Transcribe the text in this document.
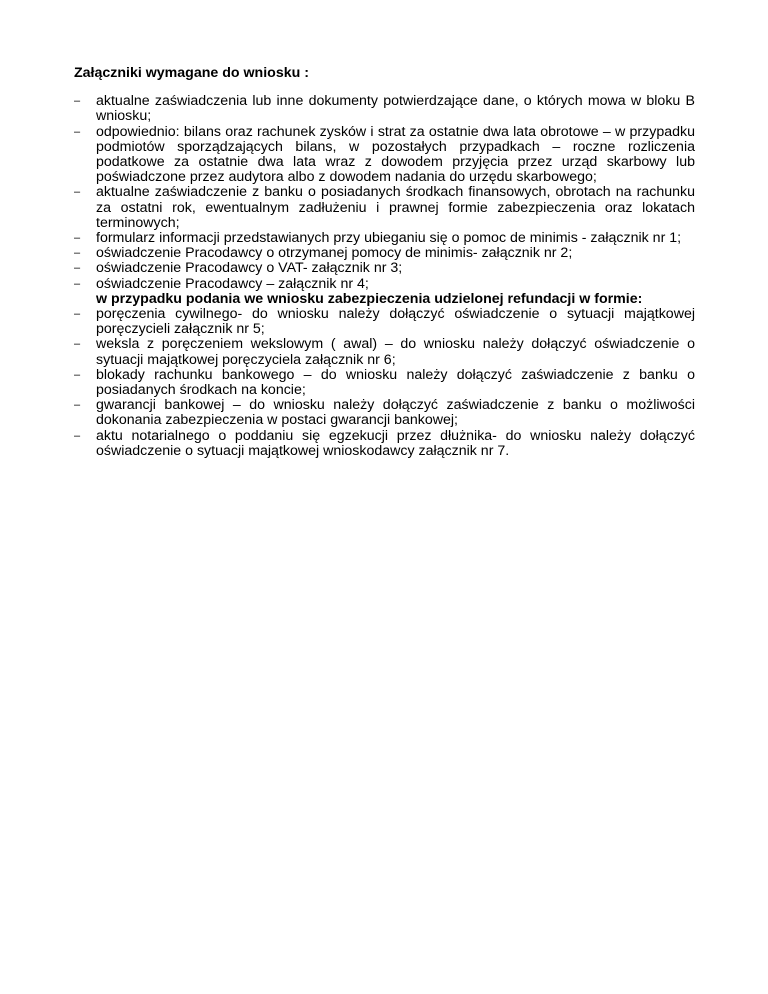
Załączniki wymagane do wniosku :

– aktualne zaświadczenia lub inne dokumenty potwierdzające dane, o których mowa w bloku B wniosku;
– odpowiednio: bilans oraz rachunek zysków i strat za ostatnie dwa lata obrotowe – w przypadku podmiotów sporządzających bilans, w pozostałych przypadkach – roczne rozliczenia podatkowe za ostatnie dwa lata wraz z dowodem przyjęcia przez urząd skarbowy lub poświadczone przez audytora albo z dowodem nadania do urzędu skarbowego;
– aktualne zaświadczenie z banku o posiadanych środkach finansowych, obrotach na rachunku za ostatni rok, ewentualnym zadłużeniu i prawnej formie zabezpieczenia oraz lokatach terminowych;
– formularz informacji przedstawianych przy ubieganiu się o pomoc de minimis - załącznik nr 1;
– oświadczenie Pracodawcy o otrzymanej pomocy de minimis- załącznik nr 2;
– oświadczenie Pracodawcy o VAT- załącznik nr 3;
– oświadczenie Pracodawcy – załącznik nr 4;

w przypadku podania we wniosku zabezpieczenia udzielonej refundacji w formie:

– poręczenia cywilnego- do wniosku należy dołączyć oświadczenie o sytuacji majątkowej poręczycieli załącznik nr 5;
– weksla z poręczeniem wekslowym ( awal) – do wniosku należy dołączyć oświadczenie o sytuacji majątkowej poręczyciela załącznik nr 6;
– blokady rachunku bankowego – do wniosku należy dołączyć zaświadczenie z banku o posiadanych środkach na koncie;
– gwarancji bankowej – do wniosku należy dołączyć zaświadczenie z banku o możliwości dokonania zabezpieczenia w postaci gwarancji bankowej;
– aktu notarialnego o poddaniu się egzekucji przez dłużnika- do wniosku należy dołączyć oświadczenie o sytuacji majątkowej wnioskodawcy załącznik nr 7.
